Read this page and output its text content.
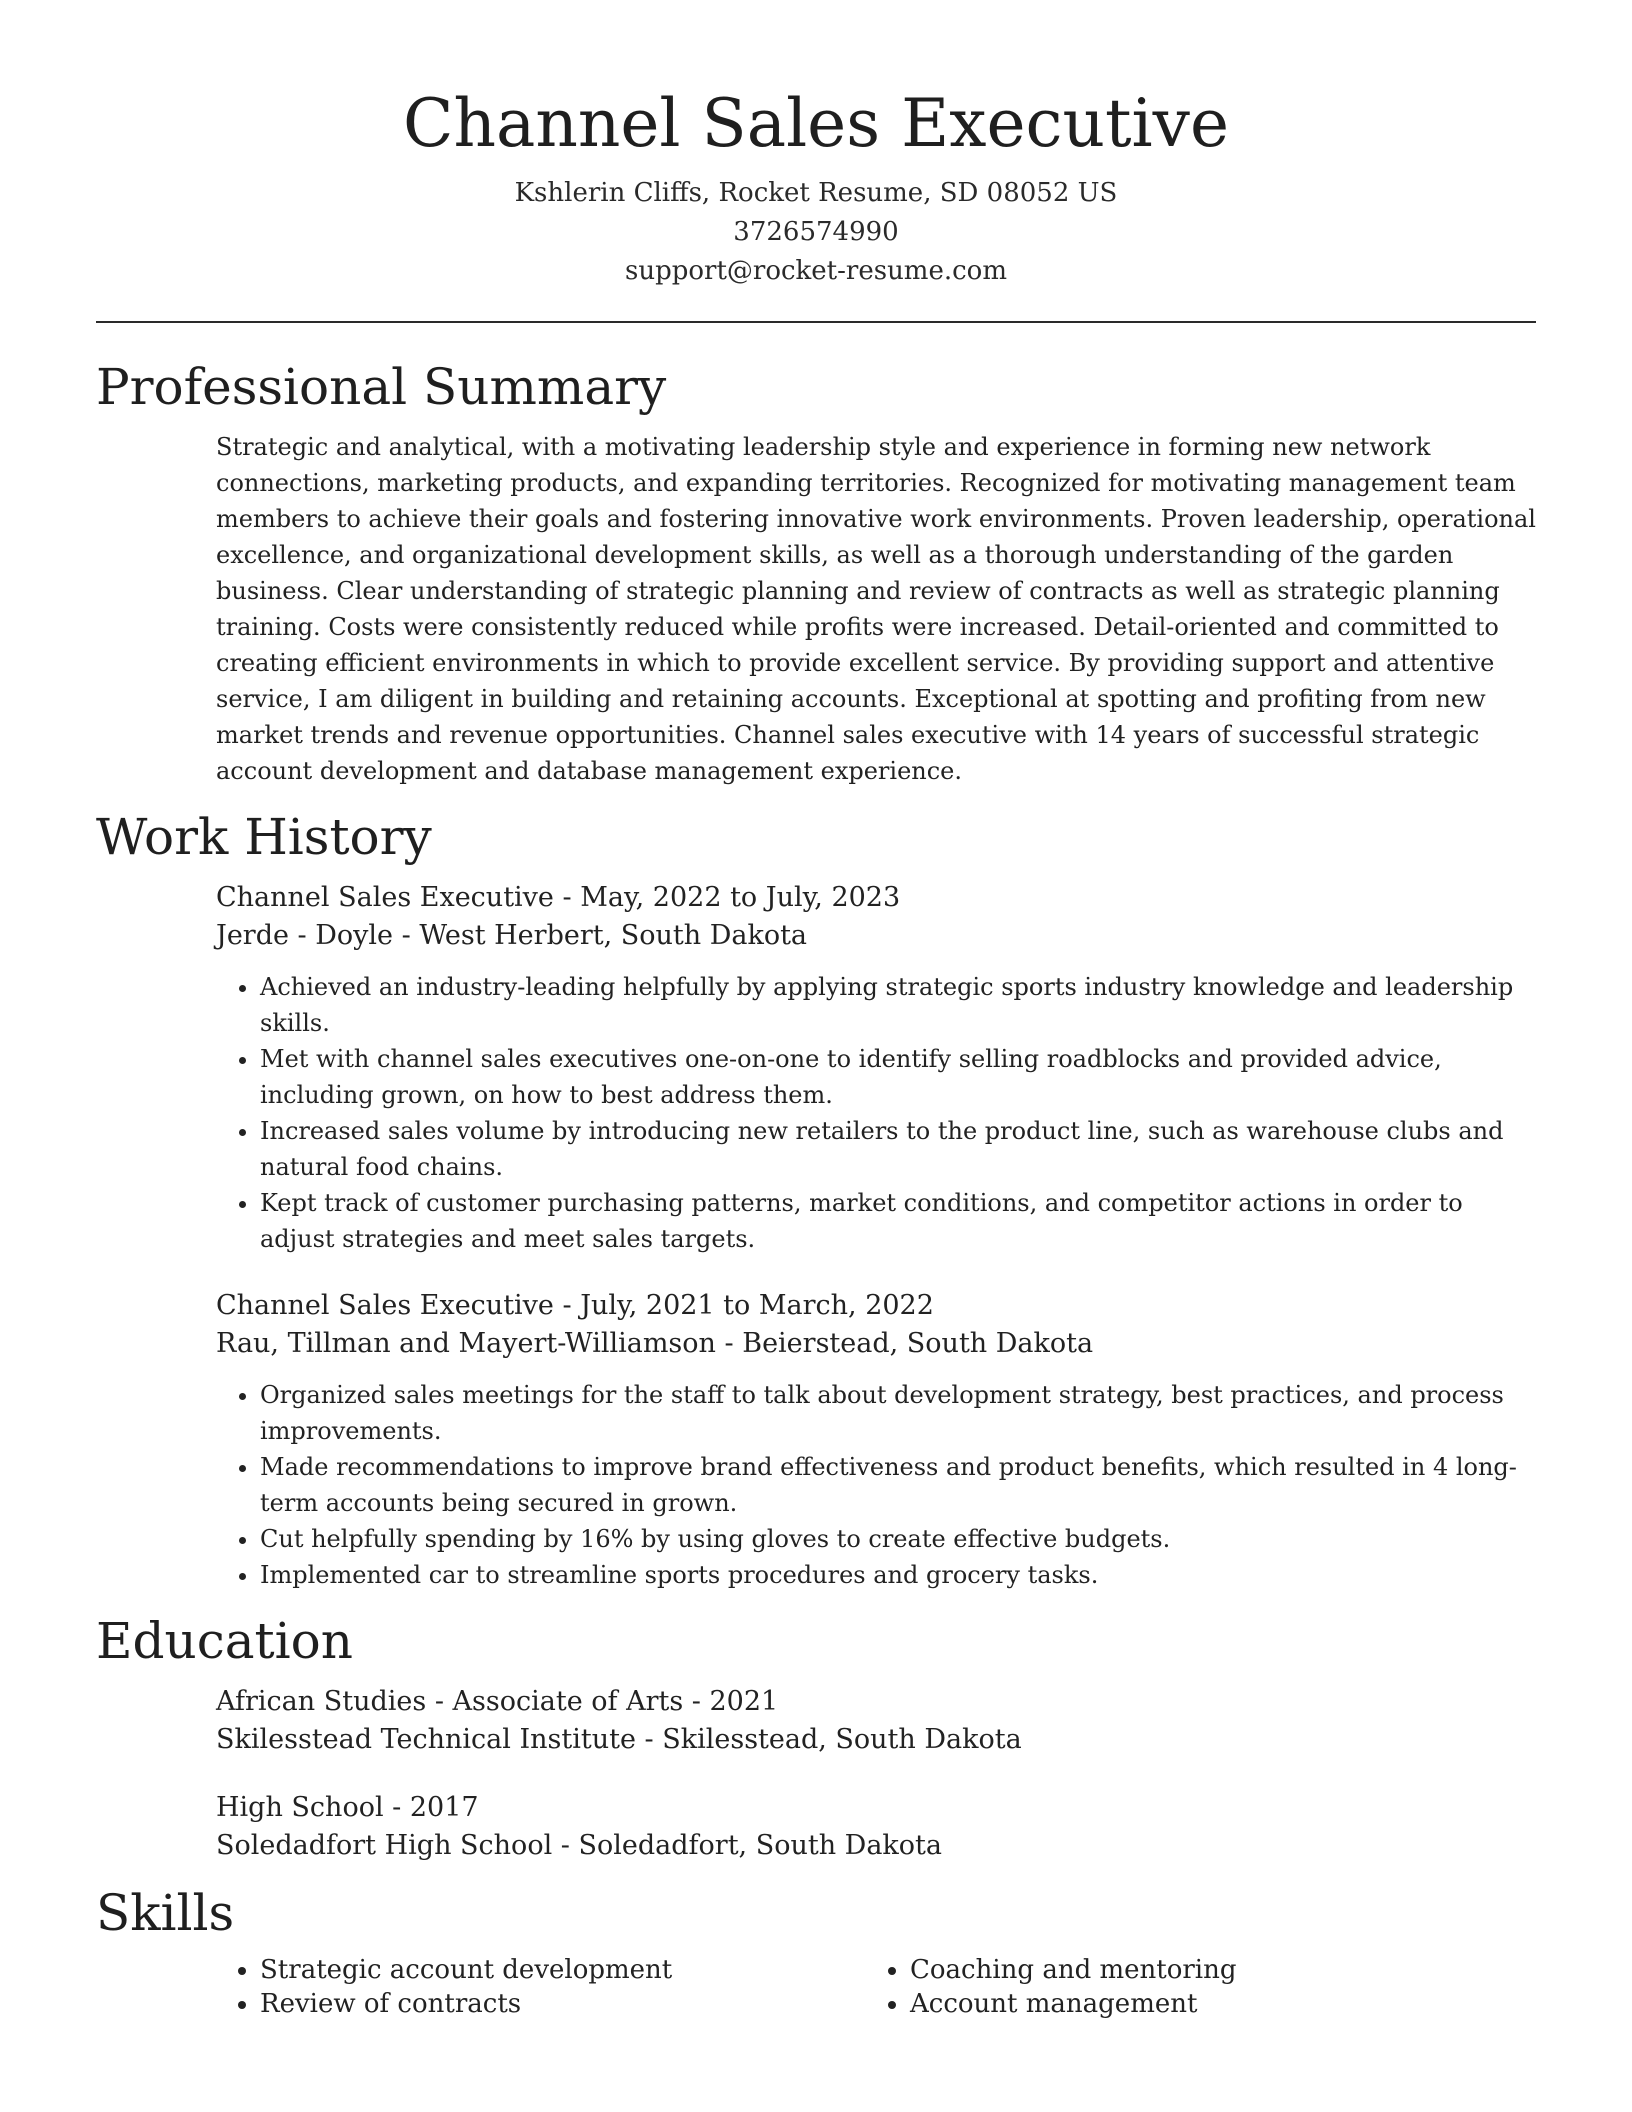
Channel Sales Executive
Kshlerin Cliffs, Rocket Resume, SD 08052 US
3726574990
support@rocket-resume.com
Professional Summary

Strategic and analytical, with a motivating leadership style and experience in forming new network connections, marketing products, and expanding territories. Recognized for motivating management team members to achieve their goals and fostering innovative work environments. Proven leadership, operational excellence, and organizational development skills, as well as a thorough understanding of the garden business. Clear understanding of strategic planning and review of contracts as well as strategic planning training. Costs were consistently reduced while profits were increased. Detail-oriented and committed to creating efficient environments in which to provide excellent service. By providing support and attentive service, I am diligent in building and retaining accounts. Exceptional at spotting and profiting from new market trends and revenue opportunities. Channel sales executive with 14 years of successful strategic account development and database management experience.

Work History
Channel Sales Executive - May, 2022 to July, 2023
Jerde - Doyle - West Herbert, South Dakota
• Achieved an industry-leading helpfully by applying strategic sports industry knowledge and leadership skills.
• Met with channel sales executives one-on-one to identify selling roadblocks and provided advice, including grown, on how to best address them.
• Increased sales volume by introducing new retailers to the product line, such as warehouse clubs and natural food chains.
• Kept track of customer purchasing patterns, market conditions, and competitor actions in order to adjust strategies and meet sales targets.
Channel Sales Executive - July, 2021 to March, 2022
Rau, Tillman and Mayert-Williamson - Beierstead, South Dakota
• Organized sales meetings for the staff to talk about development strategy, best practices, and process improvements.
• Made recommendations to improve brand effectiveness and product benefits, which resulted in 4 long-term accounts being secured in grown.
• Cut helpfully spending by 16% by using gloves to create effective budgets.
• Implemented car to streamline sports procedures and grocery tasks.
Education
African Studies - Associate of Arts - 2021
Skilesstead Technical Institute - Skilesstead, South Dakota
High School - 2017
Soledadfort High School - Soledadfort, South Dakota
Skills
• Strategic account development
• Review of contracts
• Coaching and mentoring
• Account management
